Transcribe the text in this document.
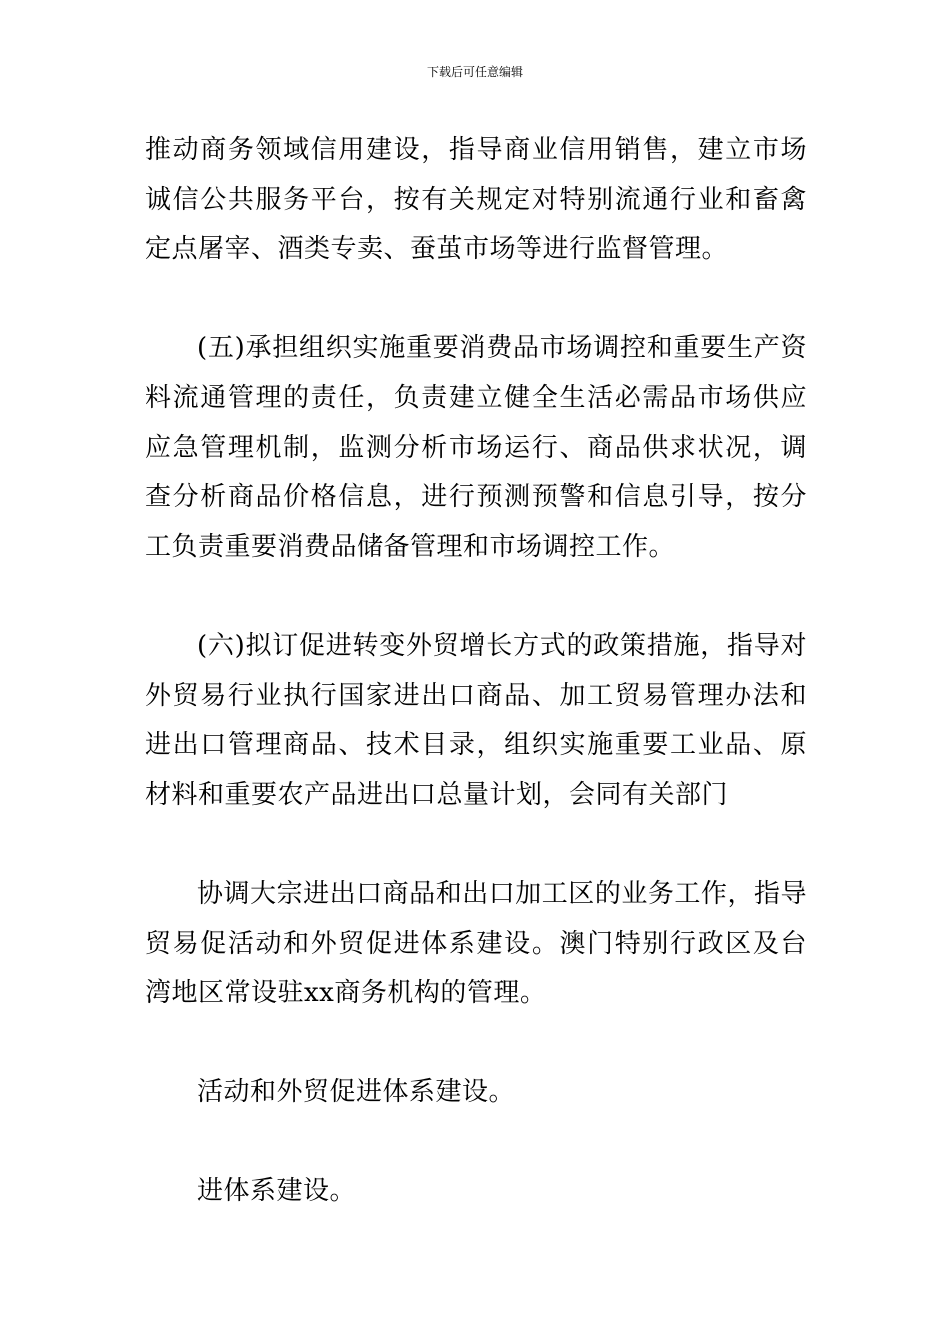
下载后可任意编辑

推动商务领域信用建设，指导商业信用销售，建立市场诚信公共服务平台，按有关规定对特别流通行业和畜禽定点屠宰、酒类专卖、蚕茧市场等进行监督管理。

(五)承担组织实施重要消费品市场调控和重要生产资料流通管理的责任，负责建立健全生活必需品市场供应应急管理机制，监测分析市场运行、商品供求状况，调查分析商品价格信息，进行预测预警和信息引导，按分工负责重要消费品储备管理和市场调控工作。

(六)拟订促进转变外贸增长方式的政策措施，指导对外贸易行业执行国家进出口商品、加工贸易管理办法和进出口管理商品、技术目录，组织实施重要工业品、原材料和重要农产品进出口总量计划，会同有关部门

协调大宗进出口商品和出口加工区的业务工作，指导贸易促活动和外贸促进体系建设。澳门特别行政区及台湾地区常设驻xx商务机构的管理。

活动和外贸促进体系建设。

进体系建设。
